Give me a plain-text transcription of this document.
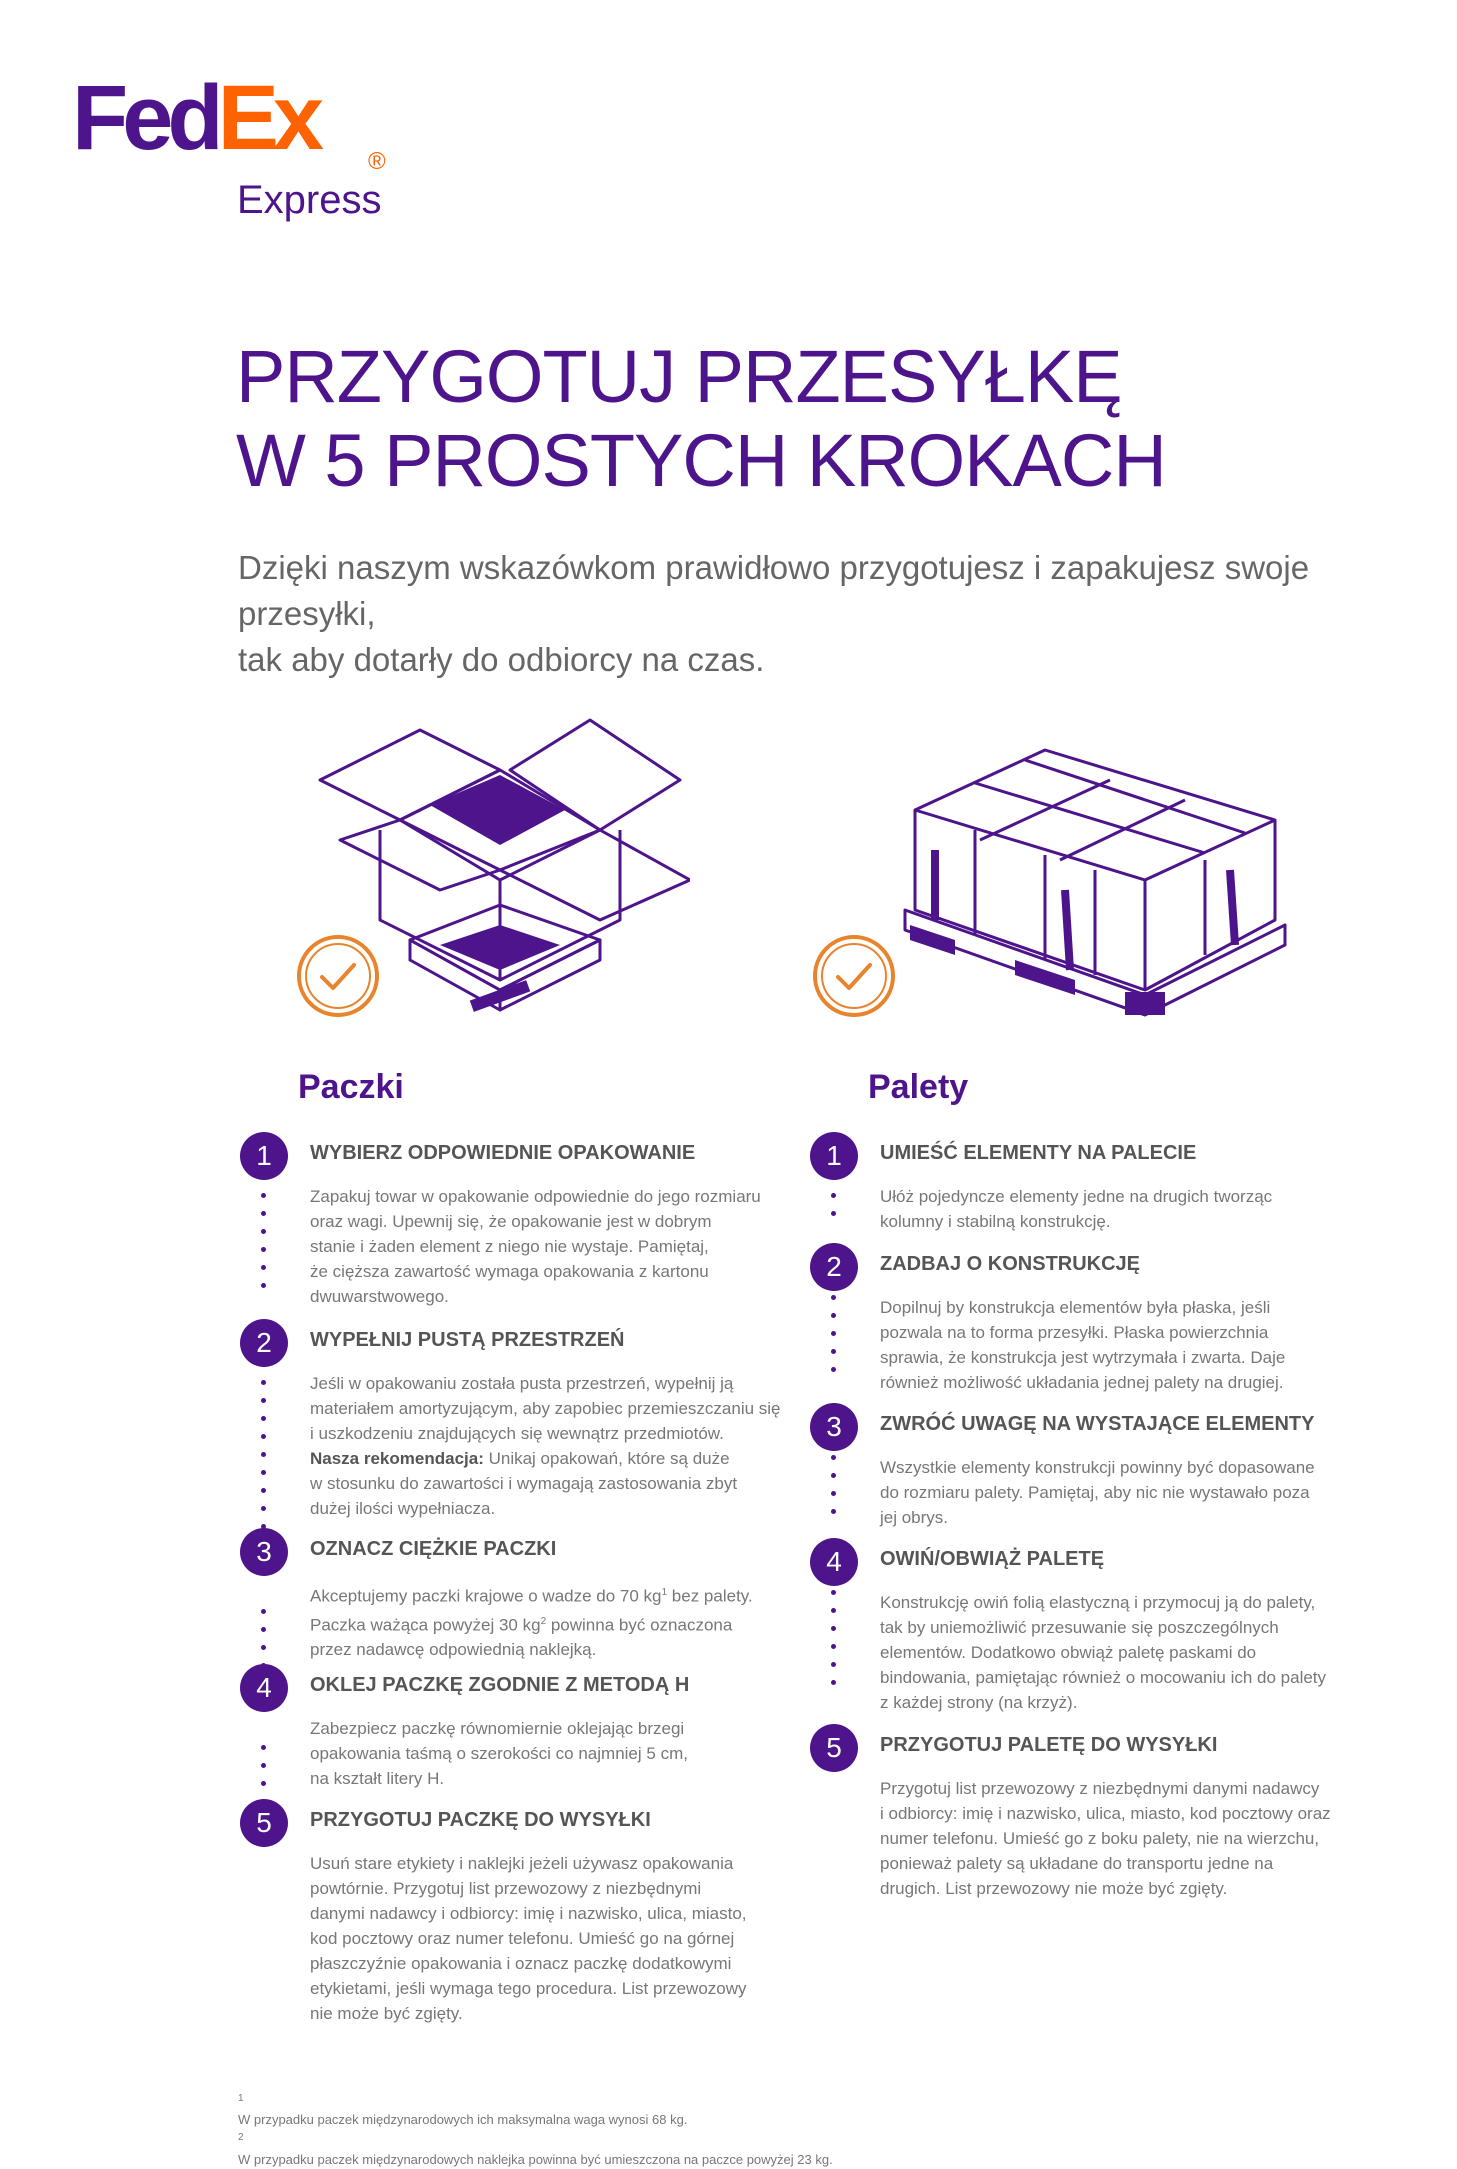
FedEx ®
Express
PRZYGOTUJ PRZESYŁKĘ
W 5 PROSTYCH KROKACH

Dzięki naszym wskazówkom prawidłowo przygotujesz i zapakujesz swoje przesyłki,
tak aby dotarły do odbiorcy na czas.

Paczki	Palety
1	WYBIERZ ODPOWIEDNIE OPAKOWANIE

Zapakuj towar w opakowanie odpowiednie do jego rozmiaru
oraz wagi. Upewnij się, że opakowanie jest w dobrym
stanie i żaden element z niego nie wystaje. Pamiętaj,
że cięższa zawartość wymaga opakowania z kartonu
dwuwarstwowego.

2	WYPEŁNIJ PUSTĄ PRZESTRZEŃ

Jeśli w opakowaniu została pusta przestrzeń, wypełnij ją
materiałem amortyzującym, aby zapobiec przemieszczaniu się
i uszkodzeniu znajdujących się wewnątrz przedmiotów.
Nasza rekomendacja: Unikaj opakowań, które są duże
w stosunku do zawartości i wymagają zastosowania zbyt
dużej ilości wypełniacza.

3	OZNACZ CIĘŻKIE PACZKI

Akceptujemy paczki krajowe o wadze do 70 $kg^1$ bez palety.
Paczka ważąca powyżej 30 $kg^2$ powinna być oznaczona
przez nadawcę odpowiednią naklejką.

4	OKLEJ PACZKĘ ZGODNIE Z METODĄ H

Zabezpiecz paczkę równomiernie oklejając brzegi
opakowania taśmą o szerokości co najmniej 5 cm,
na kształt litery H.

5	PRZYGOTUJ PACZKĘ DO WYSYŁKI

Usuń stare etykiety i naklejki jeżeli używasz opakowania
powtórnie. Przygotuj list przewozowy z niezbędnymi
danymi nadawcy i odbiorcy: imię i nazwisko, ulica, miasto,
kod pocztowy oraz numer telefonu. Umieść go na górnej
płaszczyźnie opakowania i oznacz paczkę dodatkowymi
etykietami, jeśli wymaga tego procedura. List przewozowy
nie może być zgięty.

1	UMIEŚĆ ELEMENTY NA PALECIE

Ułóż pojedyncze elementy jedne na drugich tworząc
kolumny i stabilną konstrukcję.

2	ZADBAJ O KONSTRUKCJĘ

Dopilnuj by konstrukcja elementów była płaska, jeśli
pozwala na to forma przesyłki. Płaska powierzchnia
sprawia, że konstrukcja jest wytrzymała i zwarta. Daje
również możliwość układania jednej palety na drugiej.

3	ZWRÓĆ UWAGĘ NA WYSTAJĄCE ELEMENTY

Wszystkie elementy konstrukcji powinny być dopasowane
do rozmiaru palety. Pamiętaj, aby nic nie wystawało poza
jej obrys.

4	OWIŃ/OBWIĄŻ PALETĘ

Konstrukcję owiń folią elastyczną i przymocuj ją do palety,
tak by uniemożliwić przesuwanie się poszczególnych
elementów. Dodatkowo obwiąż paletę paskami do
bindowania, pamiętając również o mocowaniu ich do palety
z każdej strony (na krzyż).

5	PRZYGOTUJ PALETĘ DO WYSYŁKI

Przygotuj list przewozowy z niezbędnymi danymi nadawcy
i odbiorcy: imię i nazwisko, ulica, miasto, kod pocztowy oraz
numer telefonu. Umieść go z boku palety, nie na wierzchu,
ponieważ palety są układane do transportu jedne na
drugich. List przewozowy nie może być zgięty.

$^1$
W przypadku paczek międzynarodowych ich maksymalna waga wynosi 68 kg.
$^2$
W przypadku paczek międzynarodowych naklejka powinna być umieszczona na paczce powyżej 23 kg.
